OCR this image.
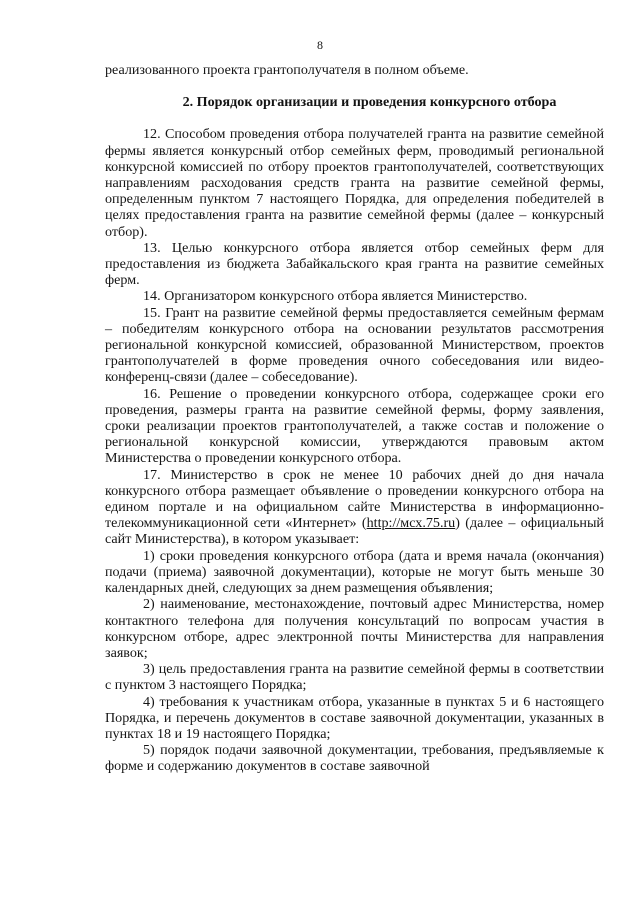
8

реализованного проекта грантополучателя в полном объеме.

2. Порядок организации и проведения конкурсного отбора

12. Способом проведения отбора получателей гранта на развитие семейной фермы является конкурсный отбор семейных ферм, проводимый региональной конкурсной комиссией по отбору проектов грантополучателей, соответствующих направлениям расходования средств гранта на развитие семейной фермы, определенным пунктом 7 настоящего Порядка, для определения победителей в целях предоставления гранта на развитие семейной фермы (далее – конкурсный отбор).

13. Целью конкурсного отбора является отбор семейных ферм для предоставления из бюджета Забайкальского края гранта на развитие семейных ферм.

14. Организатором конкурсного отбора является Министерство.

15. Грант на развитие семейной фермы предоставляется семейным фермам – победителям конкурсного отбора на основании результатов рассмотрения региональной конкурсной комиссией, образованной Министерством, проектов грантополучателей в форме проведения очного собеседования или видео-конференц-связи (далее – собеседование).

16. Решение о проведении конкурсного отбора, содержащее сроки его проведения, размеры гранта на развитие семейной фермы, форму заявления, сроки реализации проектов грантополучателей, а также состав и положение о региональной конкурсной комиссии, утверждаются правовым актом Министерства о проведении конкурсного отбора.

17. Министерство в срок не менее 10 рабочих дней до дня начала конкурсного отбора размещает объявление о проведении конкурсного отбора на едином портале и на официальном сайте Министерства в информационно-телекоммуникационной сети «Интернет» (http://мсх.75.ru) (далее – официальный сайт Министерства), в котором указывает:

1) сроки проведения конкурсного отбора (дата и время начала (окончания) подачи (приема) заявочной документации), которые не могут быть меньше 30 календарных дней, следующих за днем размещения объявления;

2) наименование, местонахождение, почтовый адрес Министерства, номер контактного телефона для получения консультаций по вопросам участия в конкурсном отборе, адрес электронной почты Министерства для направления заявок;

3) цель предоставления гранта на развитие семейной фермы в соответствии с пунктом 3 настоящего Порядка;

4) требования к участникам отбора, указанные в пунктах 5 и 6 настоящего Порядка, и перечень документов в составе заявочной документации, указанных в пунктах 18 и 19 настоящего Порядка;

5) порядок подачи заявочной документации, требования, предъявляемые к форме и содержанию документов в составе заявочной
